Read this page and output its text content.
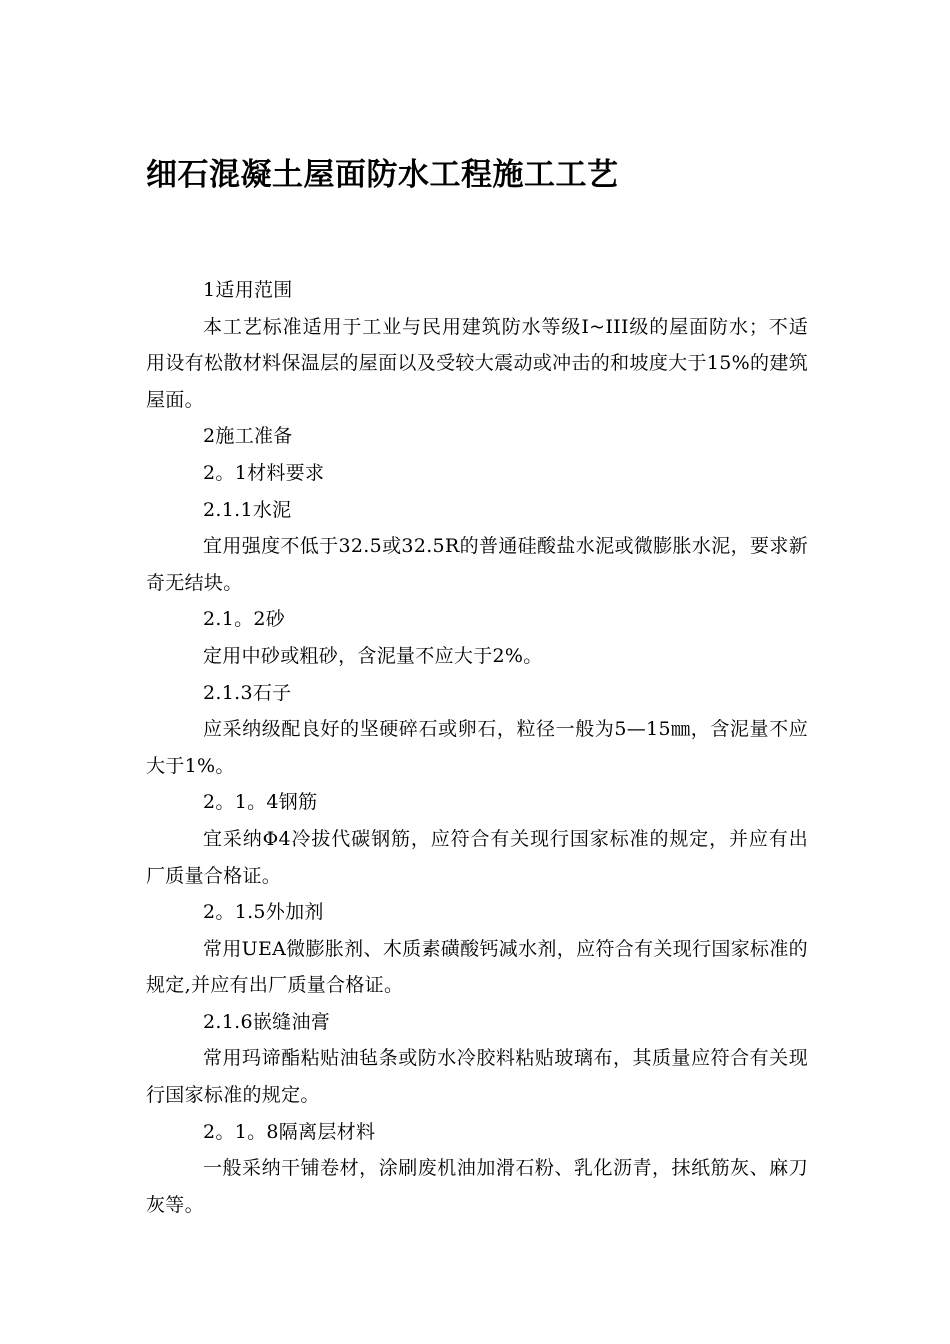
细石混凝土屋面防水工程施工工艺

1适用范围

本工艺标准适用于工业与民用建筑防水等级I~III级的屋面防水；不适用设有松散材料保温层的屋面以及受较大震动或冲击的和坡度大于15%的建筑屋面。

2施工准备

2。1材料要求

2.1.1水泥

宜用强度不低于32.5或32.5R的普通硅酸盐水泥或微膨胀水泥，要求新奇无结块。

2.1。2砂

定用中砂或粗砂，含泥量不应大于2%。

2.1.3石子

应采纳级配良好的坚硬碎石或卵石，粒径一般为5—15㎜，含泥量不应大于1%。

2。1。4钢筋

宜采纳Φ4冷拔代碳钢筋，应符合有关现行国家标准的规定，并应有出厂质量合格证。

2。1.5外加剂

常用UEA微膨胀剂、木质素磺酸钙减水剂，应符合有关现行国家标准的规定,并应有出厂质量合格证。

2.1.6嵌缝油膏

常用玛谛酯粘贴油毡条或防水冷胶料粘贴玻璃布，其质量应符合有关现行国家标准的规定。

2。1。8隔离层材料

一般采纳干铺卷材，涂刷废机油加滑石粉、乳化沥青，抹纸筋灰、麻刀灰等。
